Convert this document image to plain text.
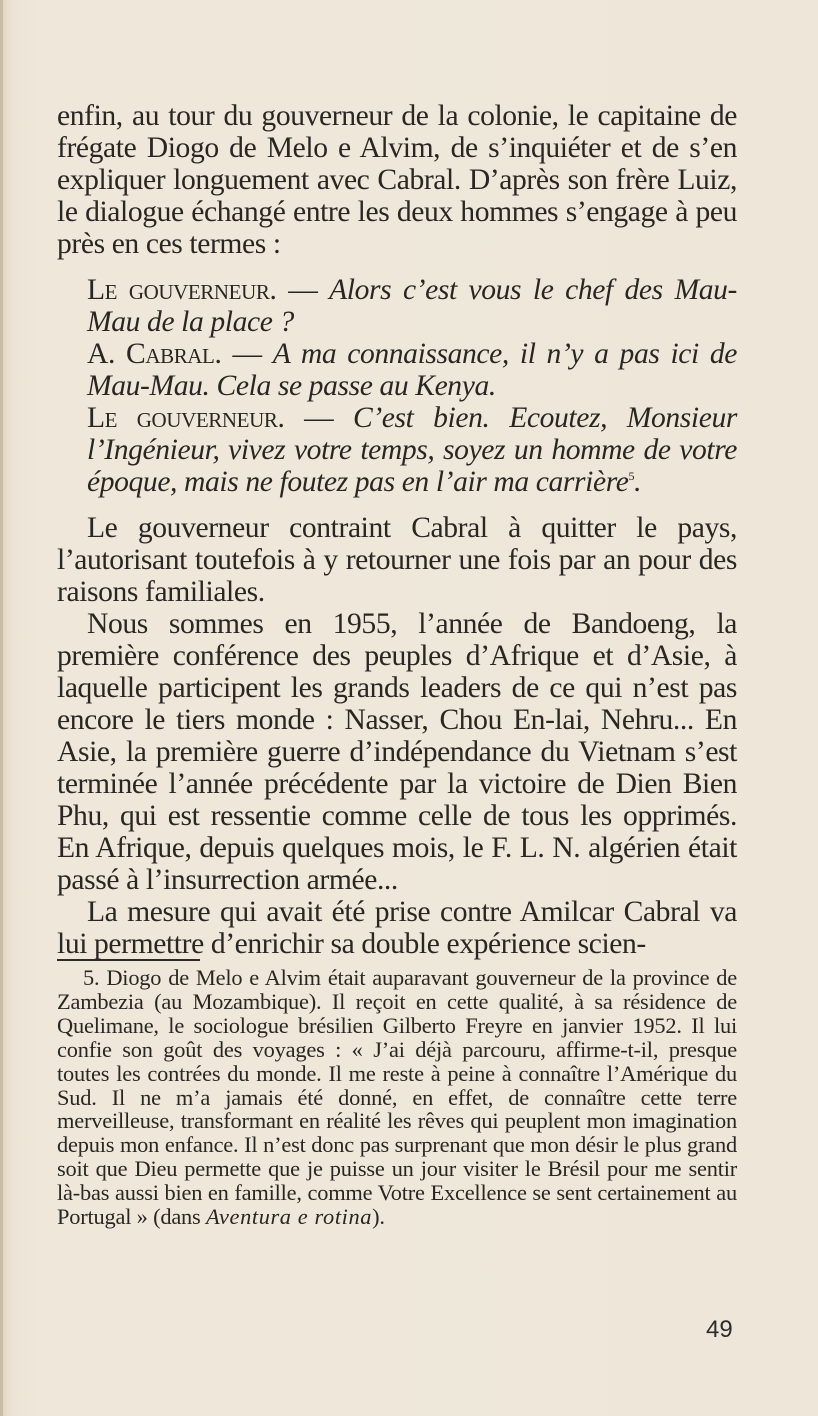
enfin, au tour du gouverneur de la colonie, le capitaine de frégate Diogo de Melo e Alvim, de s’inquiéter et de s’en expliquer longuement avec Cabral. D’après son frère Luiz, le dialogue échangé entre les deux hommes s’engage à peu près en ces termes :

Le gouverneur. — Alors c’est vous le chef des Mau-Mau de la place ?

A. Cabral. — A ma connaissance, il n’y a pas ici de Mau-Mau. Cela se passe au Kenya.

Le gouverneur. — C’est bien. Ecoutez, Monsieur l’Ingénieur, vivez votre temps, soyez un homme de votre époque, mais ne foutez pas en l’air ma carrière$^5$.

Le gouverneur contraint Cabral à quitter le pays, l’autorisant toutefois à y retourner une fois par an pour des raisons familiales.

Nous sommes en 1955, l’année de Bandoeng, la première conférence des peuples d’Afrique et d’Asie, à laquelle participent les grands leaders de ce qui n’est pas encore le tiers monde : Nasser, Chou En-lai, Nehru... En Asie, la première guerre d’indépendance du Vietnam s’est terminée l’année précédente par la victoire de Dien Bien Phu, qui est ressentie comme celle de tous les opprimés. En Afrique, depuis quelques mois, le F. L. N. algérien était passé à l’insurrection armée...

La mesure qui avait été prise contre Amilcar Cabral va lui permettre d’enrichir sa double expérience scien-

5. Diogo de Melo e Alvim était auparavant gouverneur de la province de Zambezia (au Mozambique). Il reçoit en cette qualité, à sa résidence de Quelimane, le sociologue brésilien Gilberto Freyre en janvier 1952. Il lui confie son goût des voyages : « J’ai déjà parcouru, affirme-t-il, presque toutes les contrées du monde. Il me reste à peine à connaître l’Amérique du Sud. Il ne m’a jamais été donné, en effet, de connaître cette terre merveilleuse, transformant en réalité les rêves qui peuplent mon imagination depuis mon enfance. Il n’est donc pas surprenant que mon désir le plus grand soit que Dieu permette que je puisse un jour visiter le Brésil pour me sentir là-bas aussi bien en famille, comme Votre Excellence se sent certainement au Portugal » (dans Aventura e rotina).

49
